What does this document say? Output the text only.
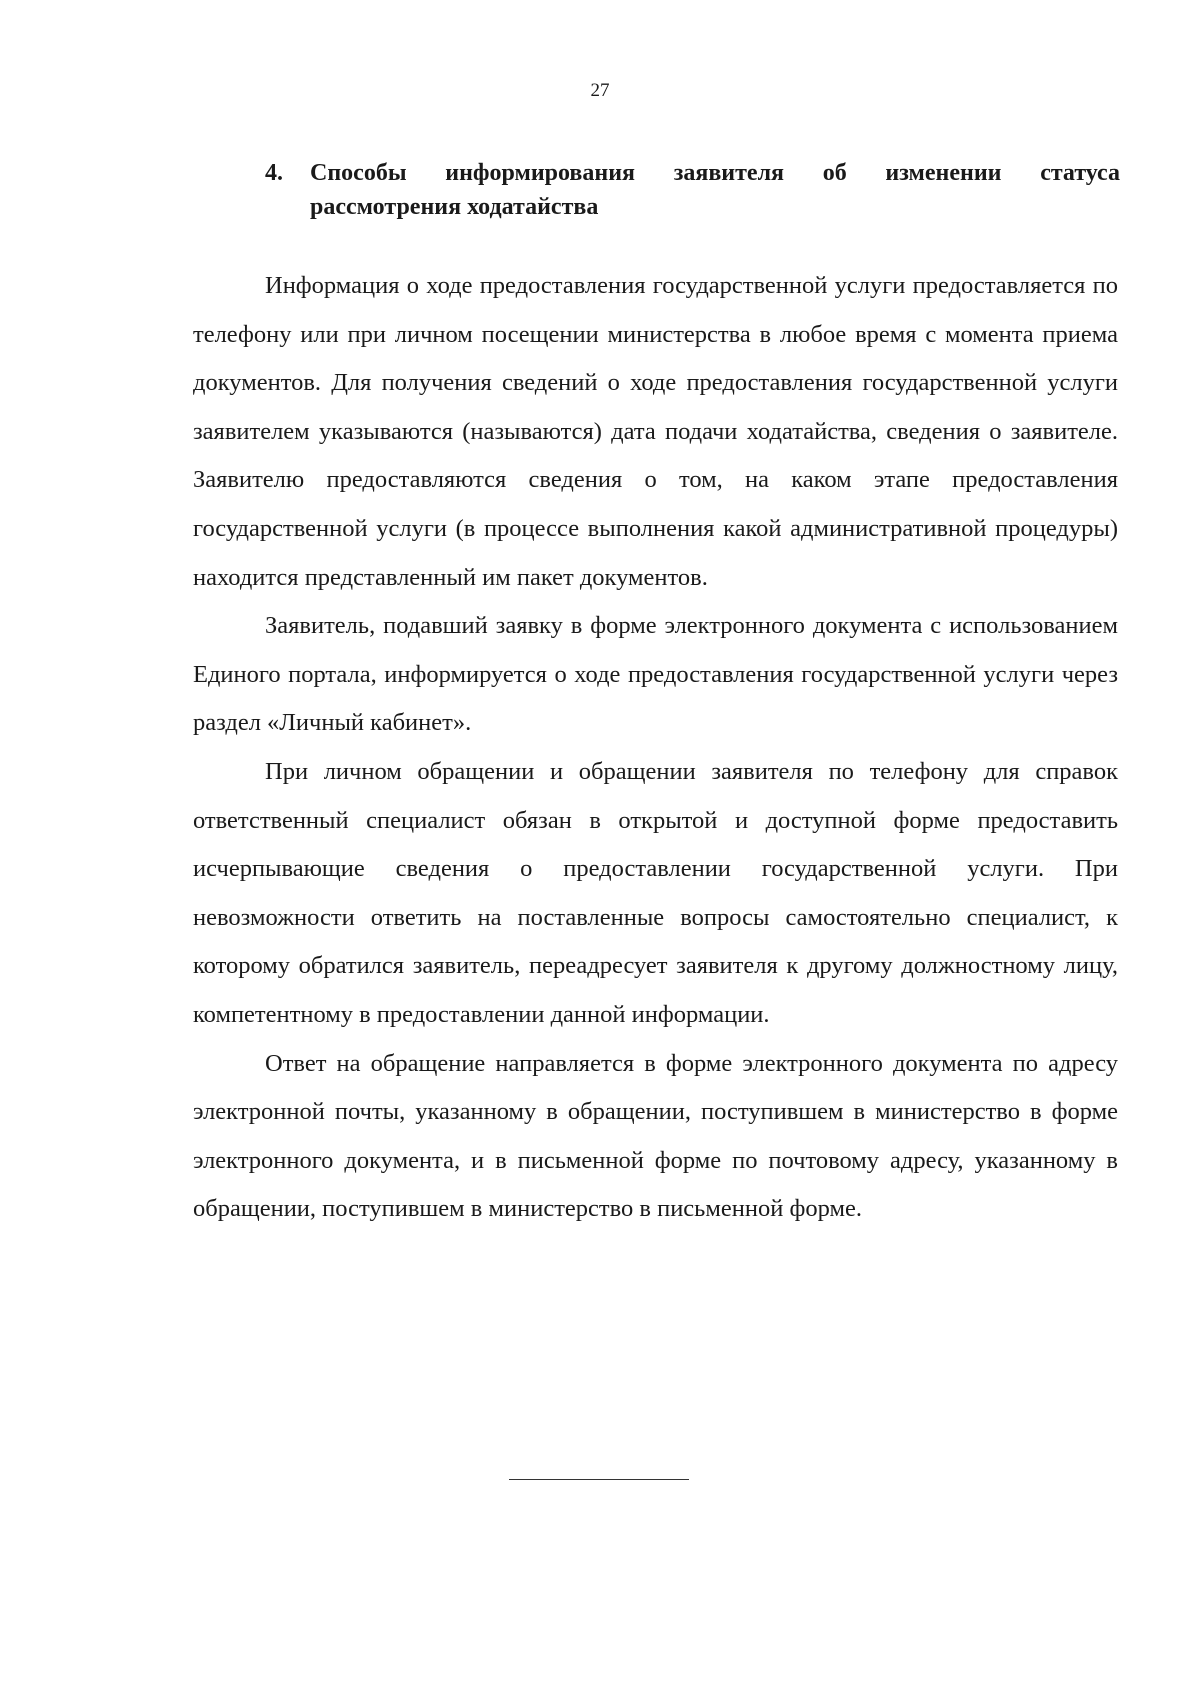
27
4.	Способы информирования заявителя об изменении статуса
рассмотрения ходатайства

Информация о ходе предоставления государственной услуги предоставляется по телефону или при личном посещении министерства в любое время с момента приема документов. Для получения сведений о ходе предоставления государственной услуги заявителем указываются (называются) дата подачи ходатайства, сведения о заявителе. Заявителю предоставляются сведения о том, на каком этапе предоставления государственной услуги (в процессе выполнения какой административной процедуры) находится представленный им пакет документов.

Заявитель, подавший заявку в форме электронного документа с использованием Единого портала, информируется о ходе предоставления государственной услуги через раздел «Личный кабинет».

При личном обращении и обращении заявителя по телефону для справок ответственный специалист обязан в открытой и доступной форме предоставить исчерпывающие сведения о предоставлении государственной услуги. При невозможности ответить на поставленные вопросы самостоятельно специалист, к которому обратился заявитель, переадресует заявителя к другому должностному лицу, компетентному в предоставлении данной информации.

Ответ на обращение направляется в форме электронного документа по адресу электронной почты, указанному в обращении, поступившем в министерство в форме электронного документа, и в письменной форме по почтовому адресу, указанному в обращении, поступившем в министерство в письменной форме.
